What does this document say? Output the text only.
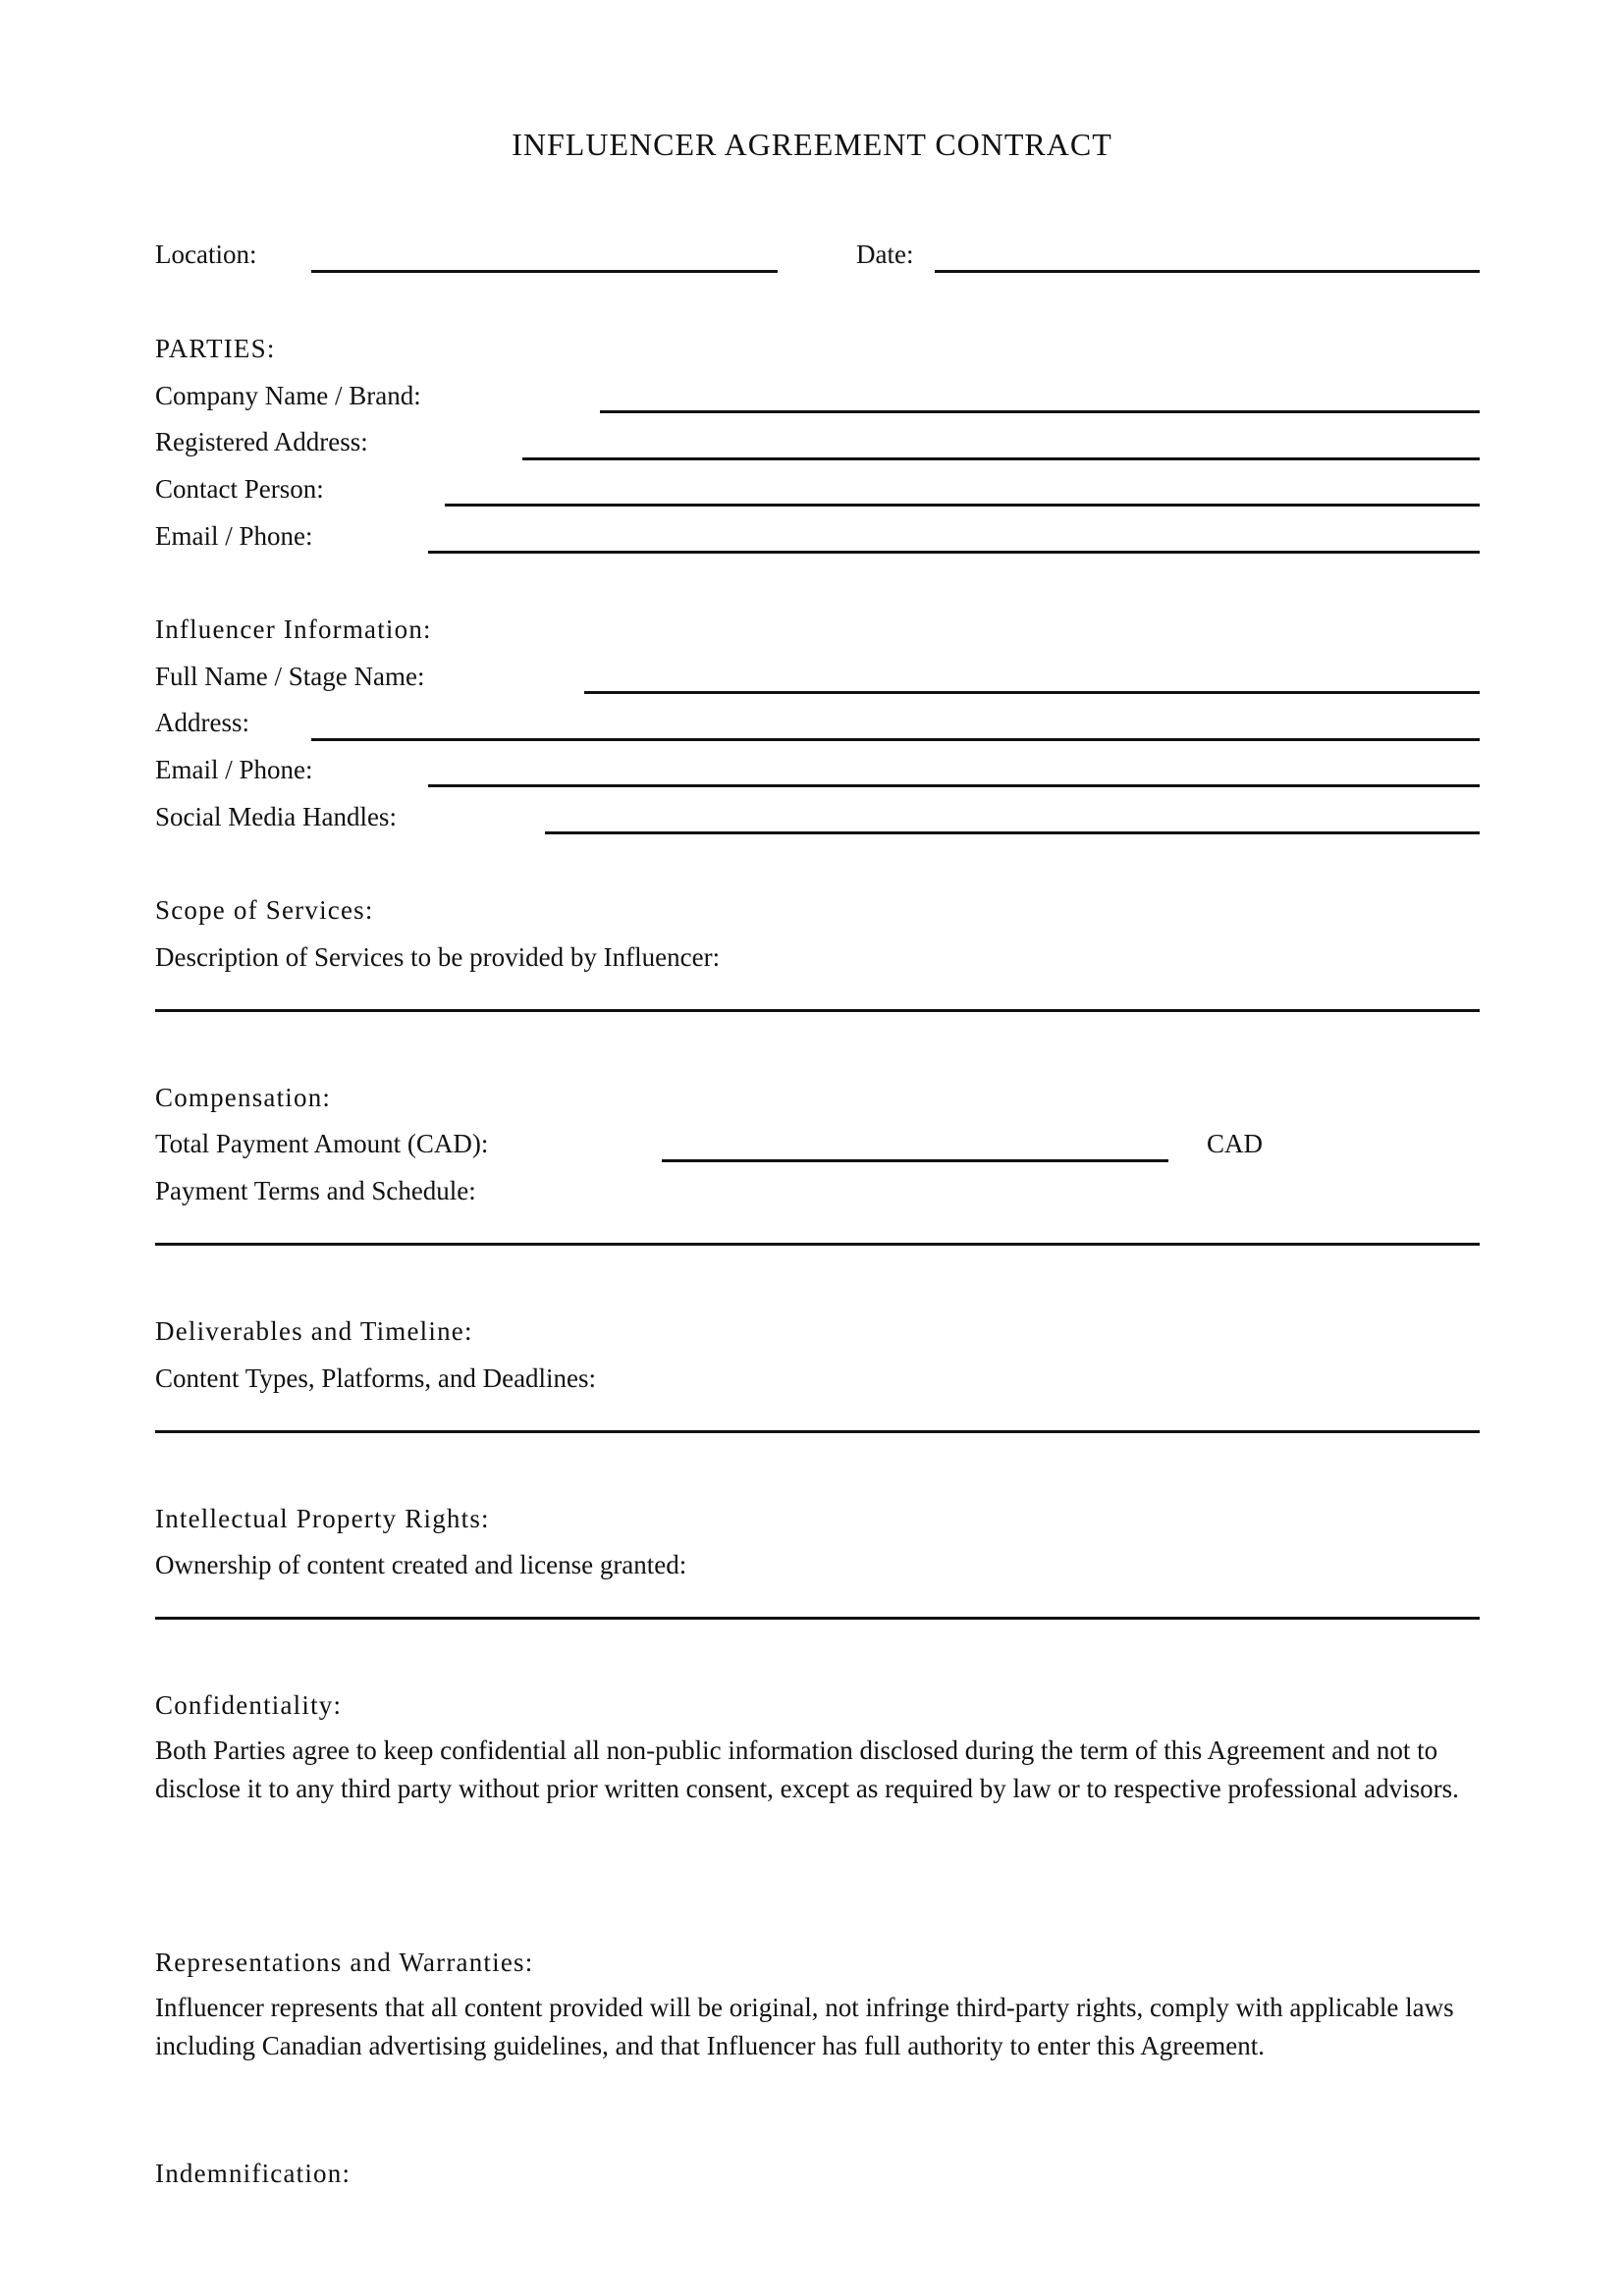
INFLUENCER AGREEMENT CONTRACT
Location:	Date:
PARTIES:
Company Name / Brand:
Registered Address:
Contact Person:
Email / Phone:
Influencer Information:
Full Name / Stage Name:
Address:
Email / Phone:
Social Media Handles:
Scope of Services:
Description of Services to be provided by Influencer:
Compensation:
Total Payment Amount (CAD):	CAD
Payment Terms and Schedule:
Deliverables and Timeline:
Content Types, Platforms, and Deadlines:
Intellectual Property Rights:
Ownership of content created and license granted:
Confidentiality:
Both Parties agree to keep confidential all non-public information disclosed during the term of this Agreement and not to disclose it to any third party without prior written consent, except as required by law or to respective professional advisors.
Representations and Warranties:
Influencer represents that all content provided will be original, not infringe third-party rights, comply with applicable laws including Canadian advertising guidelines, and that Influencer has full authority to enter this Agreement.
Indemnification:
